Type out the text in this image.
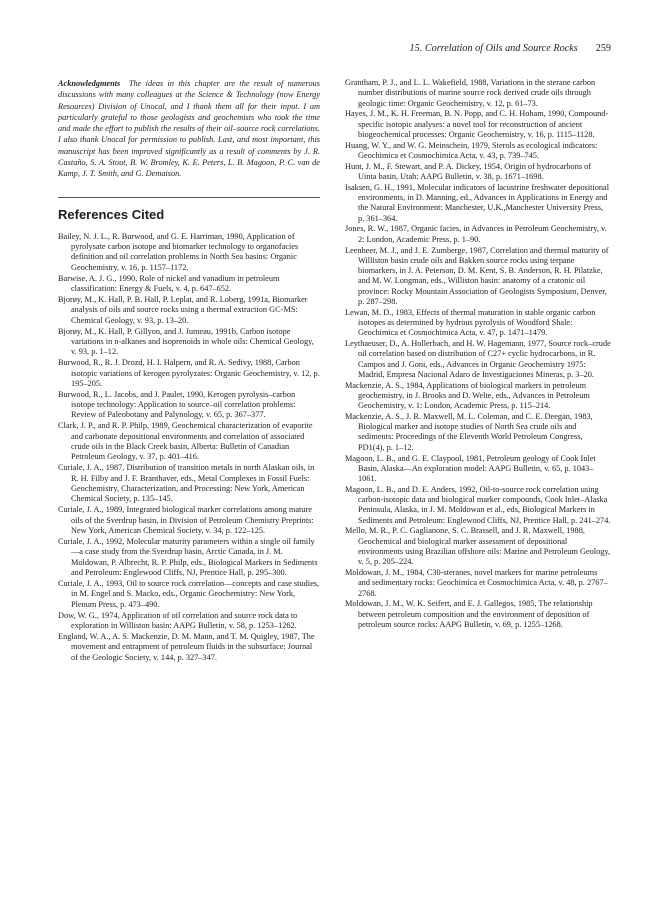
15. Correlation of Oils and Source Rocks 259

Acknowledgments The ideas in this chapter are the result of numerous discussions with many colleagues at the Science & Technology (now Energy Resources) Division of Unocal, and I thank them all for their input. I am particularly grateful to those geologists and geochemists who took the time and made the effort to publish the results of their oil–source rock correlations. I also thank Unocal for permission to publish. Last, and most important, this manuscript has been improved significantly as a result of comments by J. R. Castaño, S. A. Stout, B. W. Bromley, K. E. Peters, L. B. Magoon, P. C. van de Kamp, J. T. Smith, and G. Demaison.

References Cited
Bailey, N. J. L., R. Burwood, and G. E. Harriman, 1990, Application of pyrolysate carbon isotope and biomarker technology to organofacies definition and oil correlation problems in North Sea basins: Organic Geochemistry, v. 16, p. 1157–1172.
Barwise, A. J. G., 1990, Role of nickel and vanadium in petroleum classification: Energy & Fuels, v. 4, p. 647–652.
Bjorøy, M., K. Hall, P. B. Hall, P. Leplat, and R. Loberg, 1991a, Biomarker analysis of oils and source rocks using a thermal extraction GC-MS: Chemical Geology, v. 93, p. 13–20.
Bjorøy, M., K. Hall, P. Gillyon, and J. Jumeau, 1991b, Carbon isotope variations in n-alkanes and isoprenoids in whole oils: Chemical Geology, v. 93, p. 1–12.
Burwood, R., R. J. Drozd, H. I. Halpern, and R. A. Sedivy, 1988, Carbon isotopic variations of kerogen pyrolyzates: Organic Geochemistry, v. 12, p. 195–205.
Burwood, R., L. Jacobs, and J. Paulet, 1990, Kerogen pyrolysis–carbon isotope technology: Application to source–oil correlation problems: Review of Paleobotany and Palynology, v. 65, p. 367–377.
Clark, J. P., and R. P. Philp, 1989, Geochemical characterization of evaporite and carbonate depositional environments and correlation of associated crude oils in the Black Creek basin, Alberta: Bulletin of Canadian Petroleum Geology, v. 37, p. 401–416.
Curiale, J. A., 1987, Distribution of transition metals in north Alaskan oils, in R. H. Filby and J. F. Branthaver, eds., Metal Complexes in Fossil Fuels: Geochemistry, Characterization, and Processing: New York, American Chemical Society, p. 135–145.
Curiale, J. A., 1989, Integrated biological marker correlations among mature oils of the Sverdrup basin, in Division of Petroleum Chemistry Preprints: New York, American Chemical Society, v. 34, p. 122–125.
Curiale, J. A., 1992, Molecular maturity parameters within a single oil family—a case study from the Sverdrup basin, Arctic Canada, in J. M. Moldowan, P. Albrecht, R. P. Philp, eds., Biological Markers in Sediments and Petroleum: Englewood Cliffs, NJ, Prentice Hall, p. 295–300.
Curiale, J. A., 1993, Oil to source rock correlation—concepts and case studies, in M. Engel and S. Macko, eds., Organic Geochemistry: New York, Plenum Press, p. 473–490.
Dow, W. G., 1974, Application of oil correlation and source rock data to exploration in Williston basin: AAPG Bulletin, v. 58, p. 1253–1262.
England, W. A., A. S. Mackenzie, D. M. Mann, and T. M. Quigley, 1987, The movement and entrapment of petroleum fluids in the subsurface: Journal of the Geologic Society, v. 144, p. 327–347.
Grantham, P. J., and L. L. Wakefield, 1988, Variations in the sterane carbon number distributions of marine source rock derived crude oils through geologic time: Organic Geochemistry, v. 12, p. 61–73.
Hayes, J. M., K. H. Freeman, B. N. Popp, and C. H. Hoham, 1990, Compound-specific isotopic analyses: a novel tool for reconstruction of ancient biogeochemical processes: Organic Geochemistry, v. 16, p. 1115–1128.
Huang, W. Y., and W. G. Meinschein, 1979, Sterols as ecological indicators: Geochimica et Cosmochimica Acta, v. 43, p. 739–745.
Hunt, J. M., F. Stewart, and P. A. Dickey, 1954, Origin of hydrocarbons of Uinta basin, Utah: AAPG Bulletin, v. 38, p. 1671–1698.
Isaksen, G. H., 1991, Molecular indicators of lacustrine freshwater depositional environments, in D. Manning, ed., Advances in Applications in Energy and the Natural Environment: Manchester, U.K.,Manchester University Press, p. 361–364.
Jones, R. W., 1987, Organic facies, in Advances in Petroleum Geochemistry, v. 2: London, Academic Press, p. 1–90.
Leenheer, M. J., and J. E. Zumberge, 1987, Correlation and thermal maturity of Williston basin crude oils and Bakken source rocks using terpane biomarkers, in J. A. Peterson, D. M. Kent, S. B. Anderson, R. H. Pilatzke, and M. W. Longman, eds., Williston basin: anatomy of a cratonic oil province: Rocky Mountain Association of Geologists Symposium, Denver, p. 287–298.
Lewan, M. D., 1983, Effects of thermal maturation in stable organic carbon isotopes as determined by hydrous pyrolysis of Woodford Shale: Geochimica et Cosmochimica Acta, v. 47, p. 1471–1479.
Leythaeuser, D., A. Hollerbach, and H. W. Hagemann, 1977, Source rock–crude oil correlation based on distribution of C27+ cyclic hydrocarbons, in R. Campos and J. Goni, eds., Advances in Organic Geochemistry 1975: Madrid, Empresa Nacional Adaro de Investigaciones Mineras, p. 3–20.
Mackenzie, A. S., 1984, Applications of biological markers in petroleum geochemistry, in J. Brooks and D. Welte, eds., Advances in Petroleum Geochemistry, v. 1: London, Academic Press, p. 115–214.
Mackenzie, A. S., J. R. Maxwell, M. L. Coleman, and C. E. Deegan, 1983, Biological marker and isotope studies of North Sea crude oils and sediments: Proceedings of the Eleventh World Petroleum Congress, PD1(4), p. 1–12.
Magoon, L. B., and G. E. Claypool, 1981, Petroleum geology of Cook Inlet Basin, Alaska—An exploration model: AAPG Bulletin, v. 65, p. 1043–1061.
Magoon, L. B., and D. E. Anders, 1992, Oil-to-source rock correlation using carbon-isotopic data and biological marker compounds, Cook Inlet–Alaska Peninsula, Alaska, in J. M. Moldowan et al., eds, Biological Markers in Sediments and Petroleum: Englewood Cliffs, NJ, Prentice Hall, p. 241–274.
Mello, M. R., P. C. Gaglianone, S. C. Brassell, and J. R. Maxwell, 1988, Geochemical and biological marker assessment of depositional environments using Brazilian offshore oils: Marine and Petroleum Geology, v. 5, p. 205–224.
Moldowan, J. M., 1984, C30-steranes, novel markers for marine petroleums and sedimentary rocks: Geochimica et Cosmochimica Acta, v. 48, p. 2767–2768.
Moldowan, J. M., W. K. Seifert, and E. J. Gallegos, 1985, The relationship between petroleum composition and the environment of deposition of petroleum source rocks: AAPG Bulletin, v. 69, p. 1255–1268.
